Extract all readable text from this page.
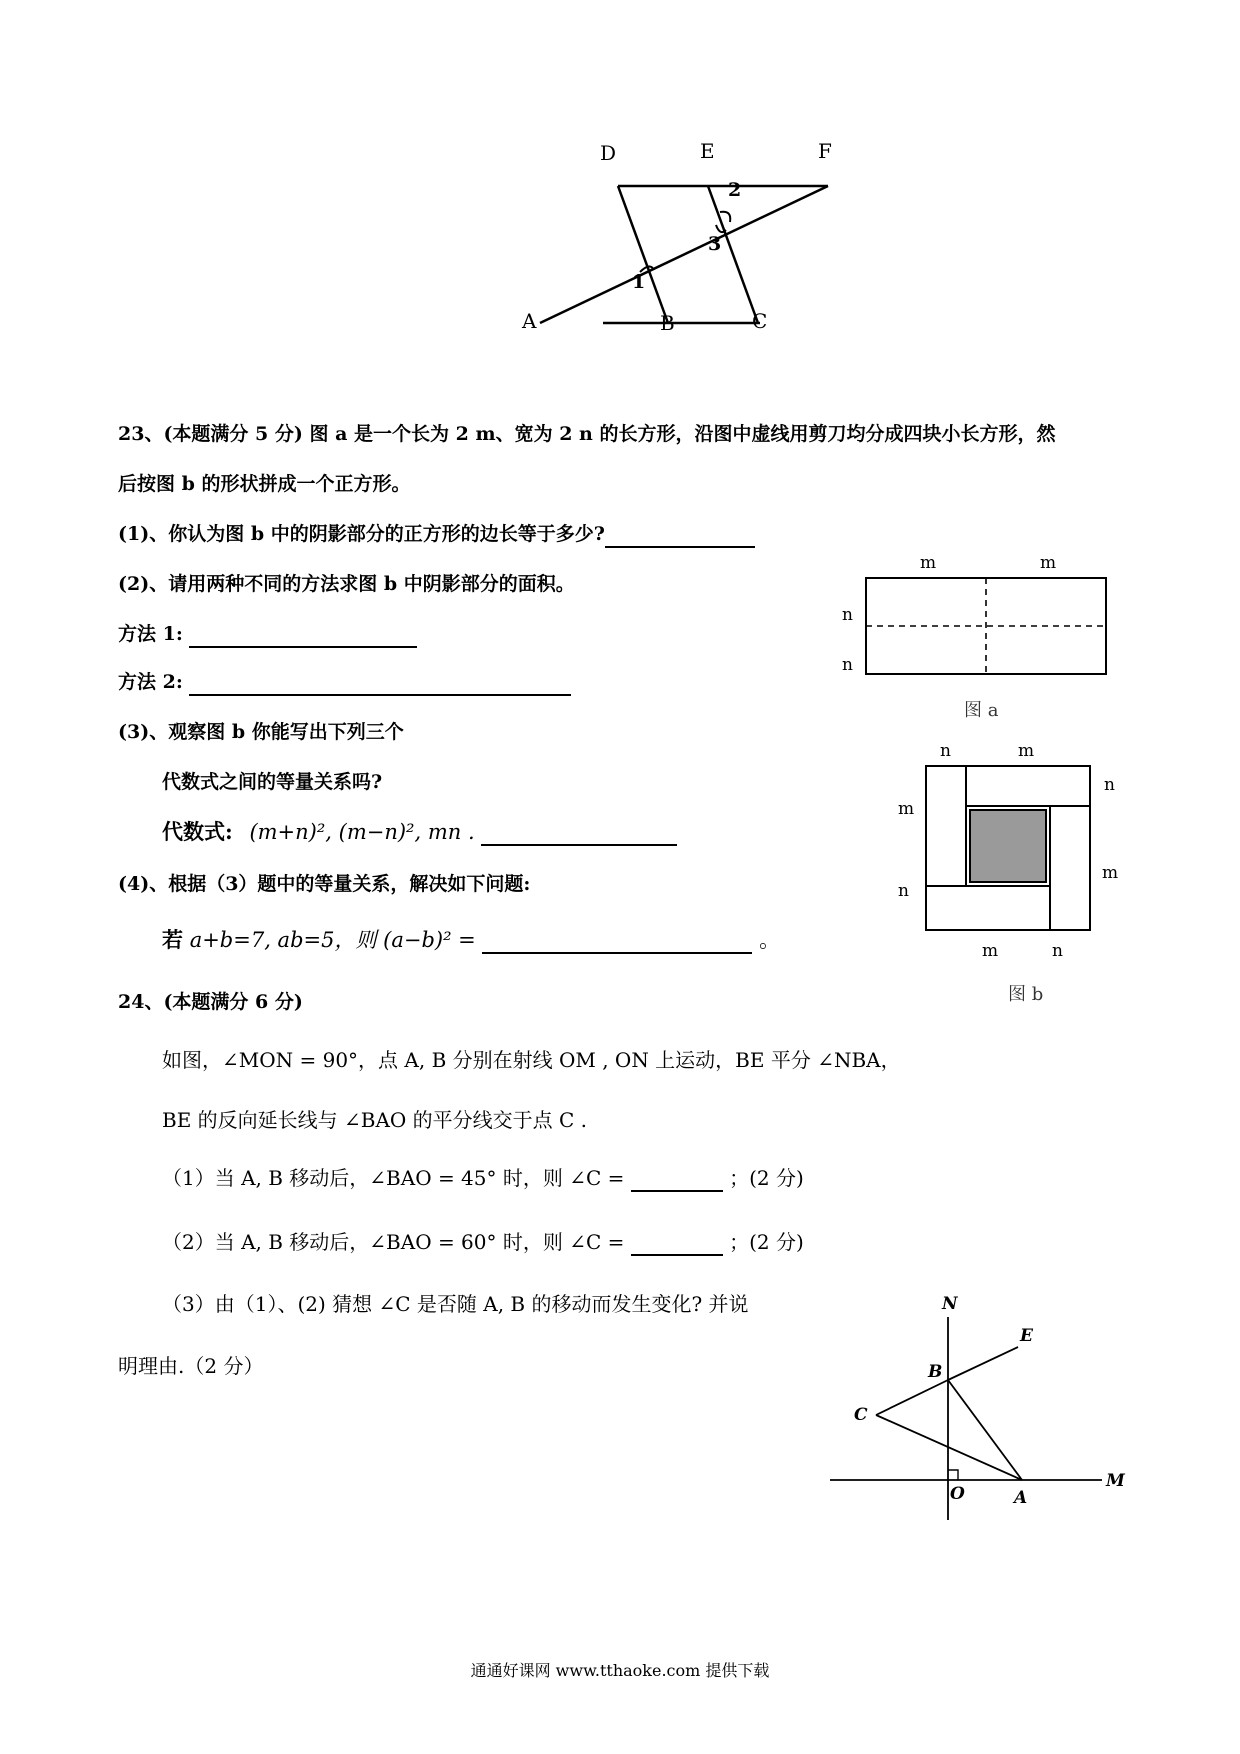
D	E	F
A	B	C
1
2
3
23、(本题满分 5 分) 图 a 是一个长为 2 m、宽为 2 n 的长方形，沿图中虚线用剪刀均分成四块小长方形，然
后按图 b 的形状拼成一个正方形。
(1)、你认为图 b 中的阴影部分的正方形的边长等于多少?
(2)、请用两种不同的方法求图 b 中阴影部分的面积。
方法 1:
方法 2:
(3)、观察图 b 你能写出下列三个
代数式之间的等量关系吗?
代数式: (m+n)², (m−n)², mn .
(4)、根据（3）题中的等量关系，解决如下问题:
若 a+b=7, ab=5，则 (a−b)² =	。
m	m
n
n
图 a
n	m
n
m
m
n
m	n
图 b
24、(本题满分 6 分)
如图，∠MON = 90°，点 A, B 分别在射线 OM , ON 上运动，BE 平分 ∠NBA，
BE 的反向延长线与 ∠BAO 的平分线交于点 C .
（1）当 A, B 移动后，∠BAO = 45° 时，则 ∠C =	；(2 分)
（2）当 A, B 移动后，∠BAO = 60° 时，则 ∠C =	；(2 分)
（3）由（1）、(2) 猜想 ∠C 是否随 A, B 的移动而发生变化? 并说
明理由.（2 分）
N
E
B
C
O	A
M
通通好课网 www.tthaoke.com 提供下载
